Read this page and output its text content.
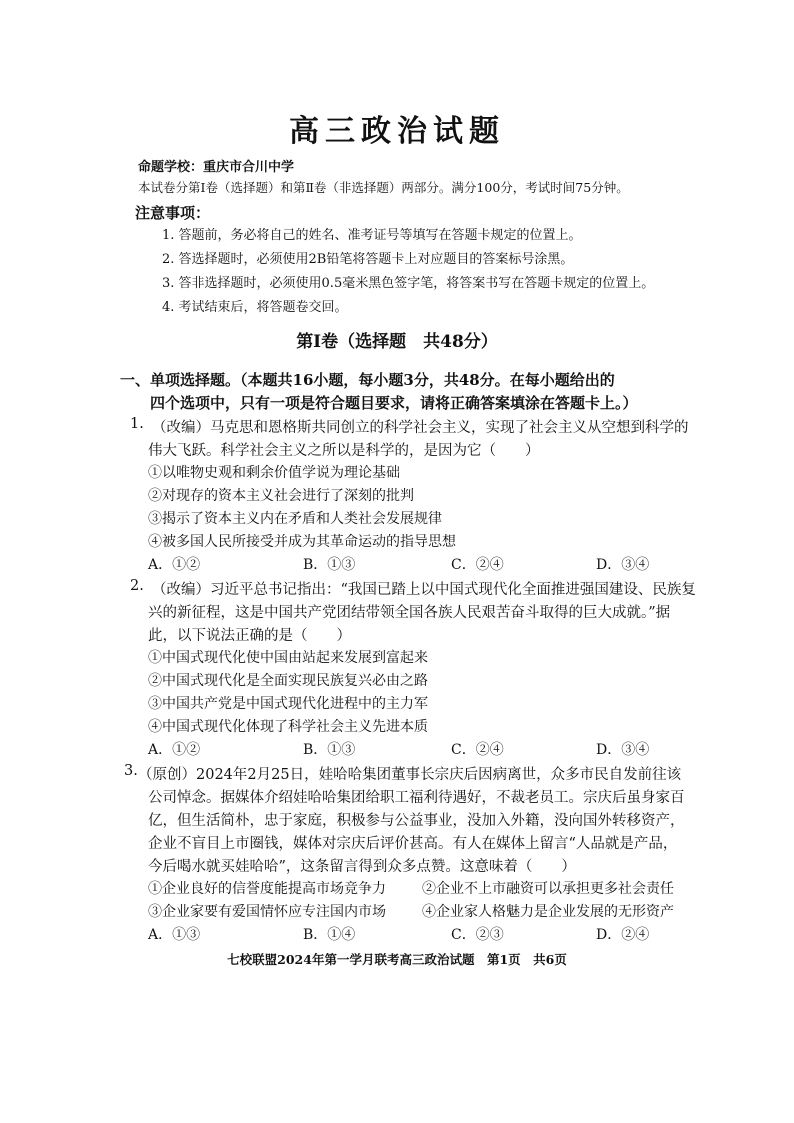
高三政治试题
命题学校：重庆市合川中学
本试卷分第Ⅰ卷（选择题）和第Ⅱ卷（非选择题）两部分。满分100分，考试时间75分钟。
注意事项：
1. 答题前，务必将自己的姓名、准考证号等填写在答题卡规定的位置上。
2. 答选择题时，必须使用2B铅笔将答题卡上对应题目的答案标号涂黑。
3. 答非选择题时，必须使用0.5毫米黑色签字笔，将答案书写在答题卡规定的位置上。
4. 考试结束后，将答题卷交回。
第Ⅰ卷（选择题　共48分）
一、单项选择题。（本题共16小题，每小题3分，共48分。在每小题给出的
四个选项中，只有一项是符合题目要求，请将正确答案填涂在答题卡上。）
1. （改编）马克思和恩格斯共同创立的科学社会主义，实现了社会主义从空想到科学的
伟大飞跃。科学社会主义之所以是科学的，是因为它（　　）
①以唯物史观和剩余价值学说为理论基础
②对现存的资本主义社会进行了深刻的批判
③揭示了资本主义内在矛盾和人类社会发展规律
④被多国人民所接受并成为其革命运动的指导思想
A．①②	B．①③	C．②④	D．③④
2. （改编）习近平总书记指出：“我国已踏上以中国式现代化全面推进强国建设、民族复
兴的新征程，这是中国共产党团结带领全国各族人民艰苦奋斗取得的巨大成就。”据
此，以下说法正确的是（　　）
①中国式现代化使中国由站起来发展到富起来
②中国式现代化是全面实现民族复兴必由之路
③中国共产党是中国式现代化进程中的主力军
④中国式现代化体现了科学社会主义先进本质
A．①②	B．①③	C．②④	D．③④
3. （原创）2024年2月25日，娃哈哈集团董事长宗庆后因病离世，众多市民自发前往该
公司悼念。据媒体介绍娃哈哈集团给职工福利待遇好，不裁老员工。宗庆后虽身家百
亿，但生活简朴，忠于家庭，积极参与公益事业，没加入外籍，没向国外转移资产，
企业不盲目上市圈钱，媒体对宗庆后评价甚高。有人在媒体上留言“人品就是产品，
今后喝水就买娃哈哈”，这条留言得到众多点赞。这意味着（　　）
①企业良好的信誉度能提高市场竞争力	②企业不上市融资可以承担更多社会责任
③企业家要有爱国情怀应专注国内市场	④企业家人格魅力是企业发展的无形资产
A．①③	B．①④	C．②③	D．②④
七校联盟2024年第一学月联考高三政治试题　第1页　共6页
